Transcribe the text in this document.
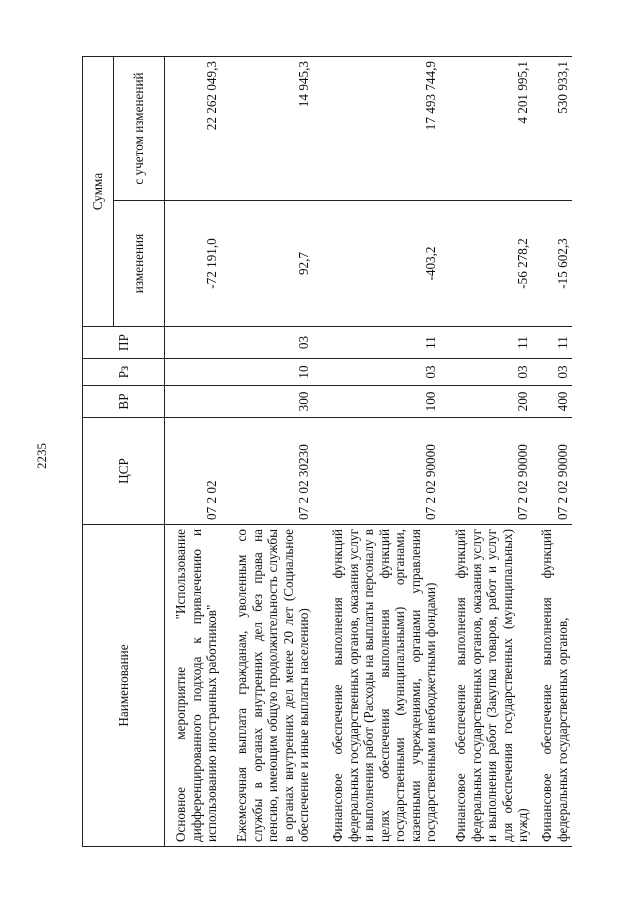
2235
Наименование	ЦСР	ВР	Рз	ПР	Сумма	
					изменения	с учетом изменений
Основное мероприятие "Использование дифференцированного подхода к привлечению и использованию иностранных работников"	07 2 02				-72 191,0	22 262 049,3
Ежемесячная выплата гражданам, уволенным со службы в органах внутренних дел без права на пенсию, имеющим общую продолжительность службы в органах внутренних дел менее 20 лет (Социальное обеспечение и иные выплаты населению)	07 2 02 30230	300	10	03	92,7	14 945,3
Финансовое обеспечение выполнения функций федеральных государственных органов, оказания услуг и выполнения работ (Расходы на выплаты персоналу в целях обеспечения выполнения функций государственными (муниципальными) органами, казенными учреждениями, органами управления государственными внебюджетными фондами)	07 2 02 90000	100	03	11	-403,2	17 493 744,9
Финансовое обеспечение выполнения функций федеральных государственных органов, оказания услуг и выполнения работ (Закупка товаров, работ и услуг для обеспечения государственных (муниципальных) нужд)	07 2 02 90000	200	03	11	-56 278,2	4 201 995,1
Финансовое обеспечение выполнения функций федеральных государственных органов,	07 2 02 90000	400	03	11	-15 602,3	530 933,1
